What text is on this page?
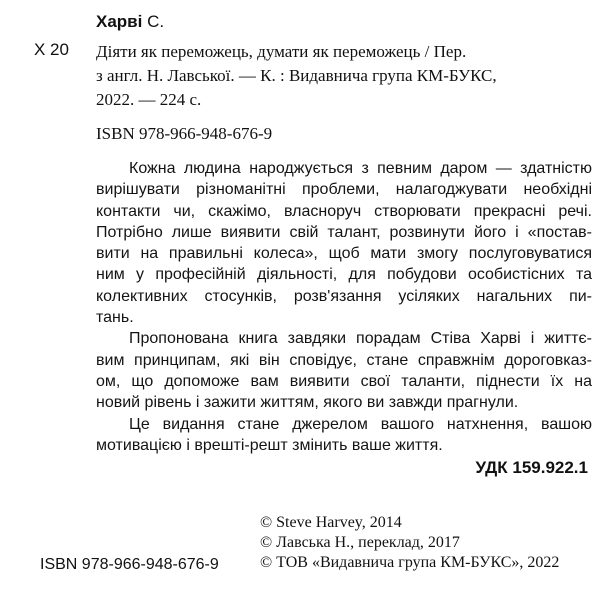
Х 20
Харві С.
Діяти як переможець, думати як переможець / Пер.
з англ. Н. Лавської. — К. : Видавнича група КМ-БУКС,
2022. — 224 с.
ISBN 978-966-948-676-9
Кожна людина народжується з певним даром — здатністю
вирішувати різноманітні проблеми, налагоджувати необхідні
контакти чи, скажімо, власноруч створювати прекрасні речі.
Потрібно лише виявити свій талант, розвинути його і «постав-
вити на правильні колеса», щоб мати змогу послуговуватися
ним у професійній діяльності, для побудови особистісних та
колективних стосунків, розв'язання усіляких нагальних пи-
тань.
Пропонована книга завдяки порадам Стіва Харві і життє-
вим принципам, які він сповідує, стане справжнім дороговказ-
ом, що допоможе вам виявити свої таланти, піднести їх на
новий рівень і зажити життям, якого ви завжди прагнули.
Це видання стане джерелом вашого натхнення, вашою
мотивацією і врешті-решт змінить ваше життя.
УДК 159.922.1
© Steve Harvey, 2014
© Лавська Н., переклад, 2017
© ТОВ «Видавнича група КМ-БУКС», 2022
ISBN 978-966-948-676-9
